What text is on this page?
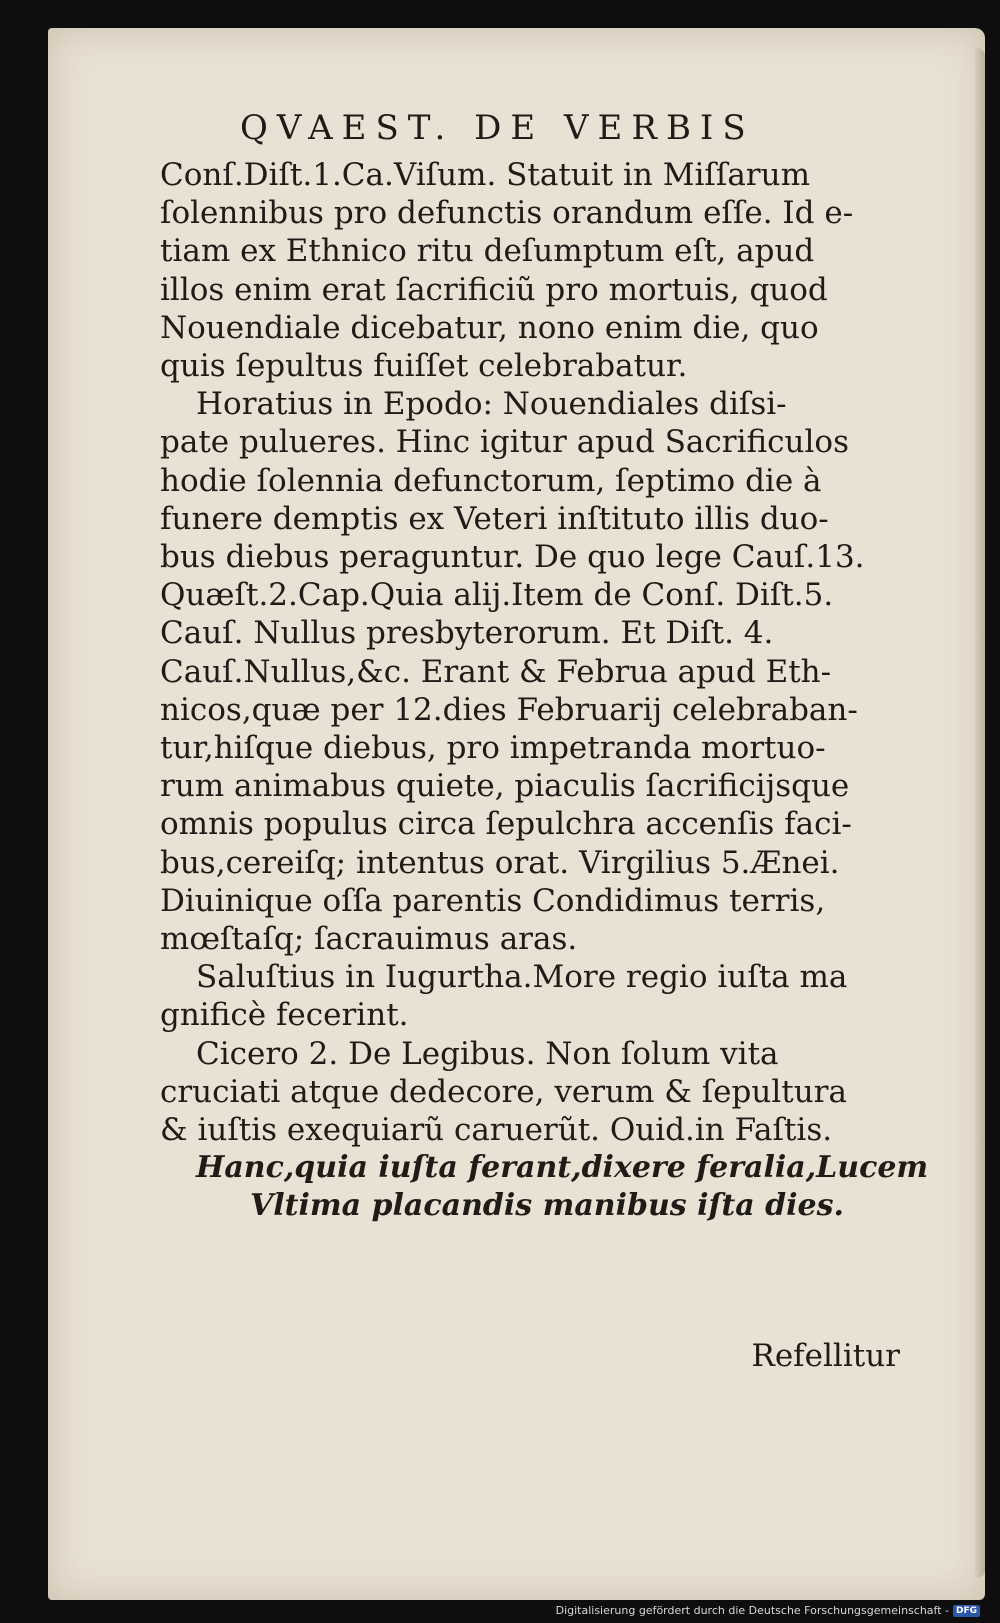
QVAEST. DE VERBIS
Conſ.Diſt.1.Ca.Viſum. Statuit in Miſſarum
ſolennibus pro defunctis orandum eſſe. Id e-
tiam ex Ethnico ritu deſumptum eſt, apud
illos enim erat ſacrificiũ pro mortuis, quod
Nouendiale dicebatur, nono enim die, quo
quis ſepultus fuiſſet celebrabatur.
Horatius in Epodo: Nouendiales diſsi-
pate pulueres. Hinc igitur apud Sacrificulos
hodie ſolennia defunctorum, ſeptimo die à
funere demptis ex Veteri inſtituto illis duo-
bus diebus peraguntur. De quo lege Cauſ.13.
Quæſt.2.Cap.Quia alij.Item de Conſ. Diſt.5.
Cauſ. Nullus presbyterorum. Et Diſt. 4.
Cauſ.Nullus,&c. Erant & Februa apud Eth-
nicos,quæ per 12.dies Februarij celebraban-
tur,hiſque diebus, pro impetranda mortuo-
rum animabus quiete, piaculis ſacrificijsque
omnis populus circa ſepulchra accenſis faci-
bus,cereiſq; intentus orat. Virgilius 5.Æneі.
Diuinique oſſa parentis Condidimus terris,
mœſtaſq; ſacrauimus aras.
Saluſtius in Iugurtha.More regio iuſta ma
gnificè fecerint.
Cicero 2. De Legibus. Non ſolum vita
cruciati atque dedecore, verum & ſepultura
& iuſtis exequiarũ caruerũt. Ouid.in Faſtis.
Hanc,quia iuſta ferant,dixere feralia,Lucem
Vltima placandis manibus iſta dies.
Refellitur
Digitalisierung gefördert durch die Deutsche Forschungsgemeinschaft - DFG
